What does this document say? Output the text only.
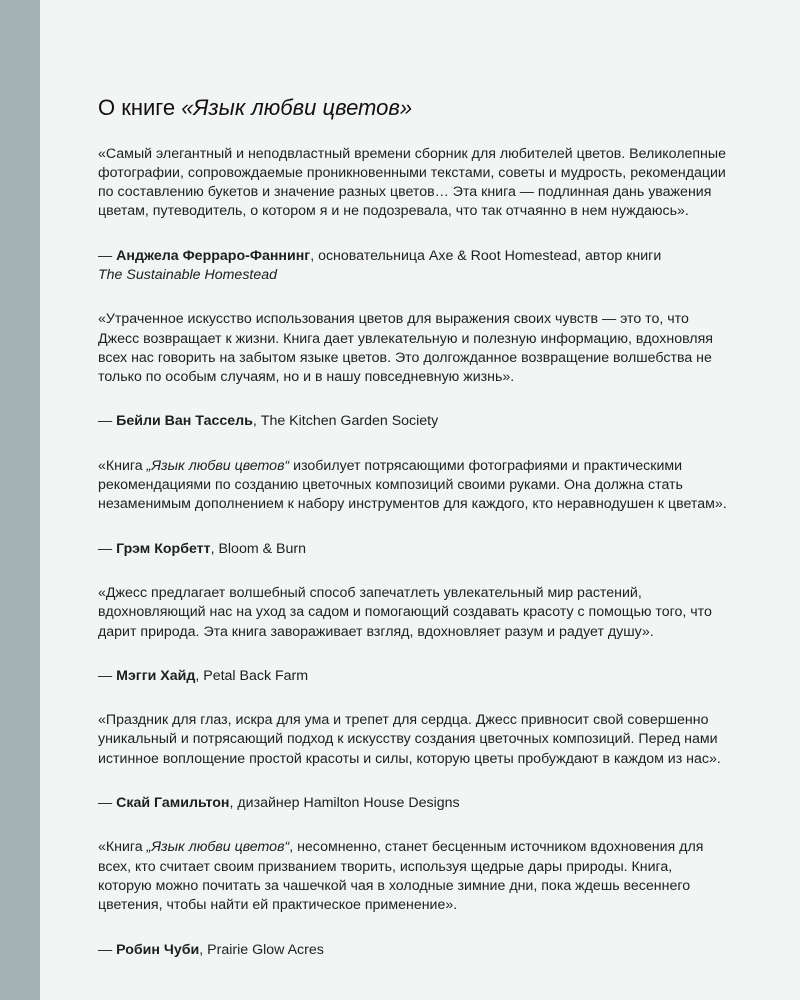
О книге «Язык любви цветов»

«Самый элегантный и неподвластный времени сборник для любителей цветов. Великолепные фотографии, сопровождаемые проникновенными текстами, советы и мудрость, рекомендации по составлению букетов и значение разных цветов… Эта книга — подлинная дань уважения цветам, путеводитель, о котором я и не подозревала, что так отчаянно в нем нуждаюсь».

— Анджела Ферраро-Фаннинг, основательница Axe & Root Homestead, автор книги
The Sustainable Homestead

«Утраченное искусство использования цветов для выражения своих чувств — это то, что Джесс возвращает к жизни. Книга дает увлекательную и полезную информацию, вдохновляя всех нас говорить на забытом языке цветов. Это долгожданное возвращение волшебства не только по особым случаям, но и в нашу повседневную жизнь».

— Бейли Ван Тассель, The Kitchen Garden Society

«Книга „Язык любви цветов“ изобилует потрясающими фотографиями и практическими рекомендациями по созданию цветочных композиций своими руками. Она должна стать незаменимым дополнением к набору инструментов для каждого, кто неравнодушен к цветам».

— Грэм Корбетт, Bloom & Burn

«Джесс предлагает волшебный способ запечатлеть увлекательный мир растений, вдохновляющий нас на уход за садом и помогающий создавать красоту с помощью того, что дарит природа. Эта книга завораживает взгляд, вдохновляет разум и радует душу».

— Мэгги Хайд, Petal Back Farm

«Праздник для глаз, искра для ума и трепет для сердца. Джесс привносит свой совершенно уникальный и потрясающий подход к искусству создания цветочных композиций. Перед нами истинное воплощение простой красоты и силы, которую цветы пробуждают в каждом из нас».

— Скай Гамильтон, дизайнер Hamilton House Designs

«Книга „Язык любви цветов“, несомненно, станет бесценным источником вдохновения для всех, кто считает своим призванием творить, используя щедрые дары природы. Книга, которую можно почитать за чашечкой чая в холодные зимние дни, пока ждешь весеннего цветения, чтобы найти ей практическое применение».

— Робин Чуби, Prairie Glow Acres
